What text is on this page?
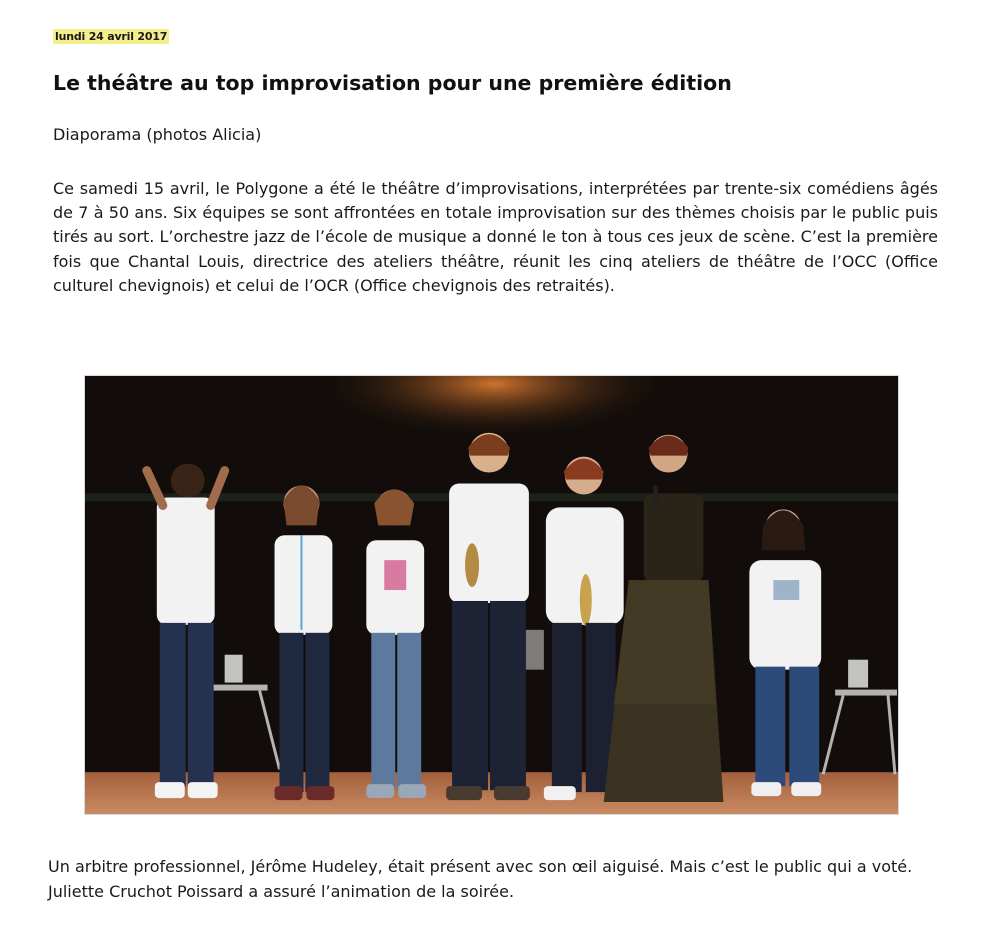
lundi 24 avril 2017
Le théâtre au top improvisation pour une première édition
Diaporama (photos Alicia)

Ce samedi 15 avril, le Polygone a été le théâtre d’improvisations, interprétées par trente-six comédiens âgés de 7 à 50 ans. Six équipes se sont affrontées en totale improvisation sur des thèmes choisis par le public puis tirés au sort. L’orchestre jazz de l’école de musique a donné le ton à tous ces jeux de scène. C’est la première fois que Chantal Louis, directrice des ateliers théâtre, réunit les cinq ateliers de théâtre de l’OCC (Office culturel chevignois) et celui de l’OCR (Office chevignois des retraités).

Un arbitre professionnel, Jérôme Hudeley, était présent avec son œil aiguisé. Mais c’est le public qui a voté. Juliette Cruchot Poissard a assuré l’animation de la soirée.
